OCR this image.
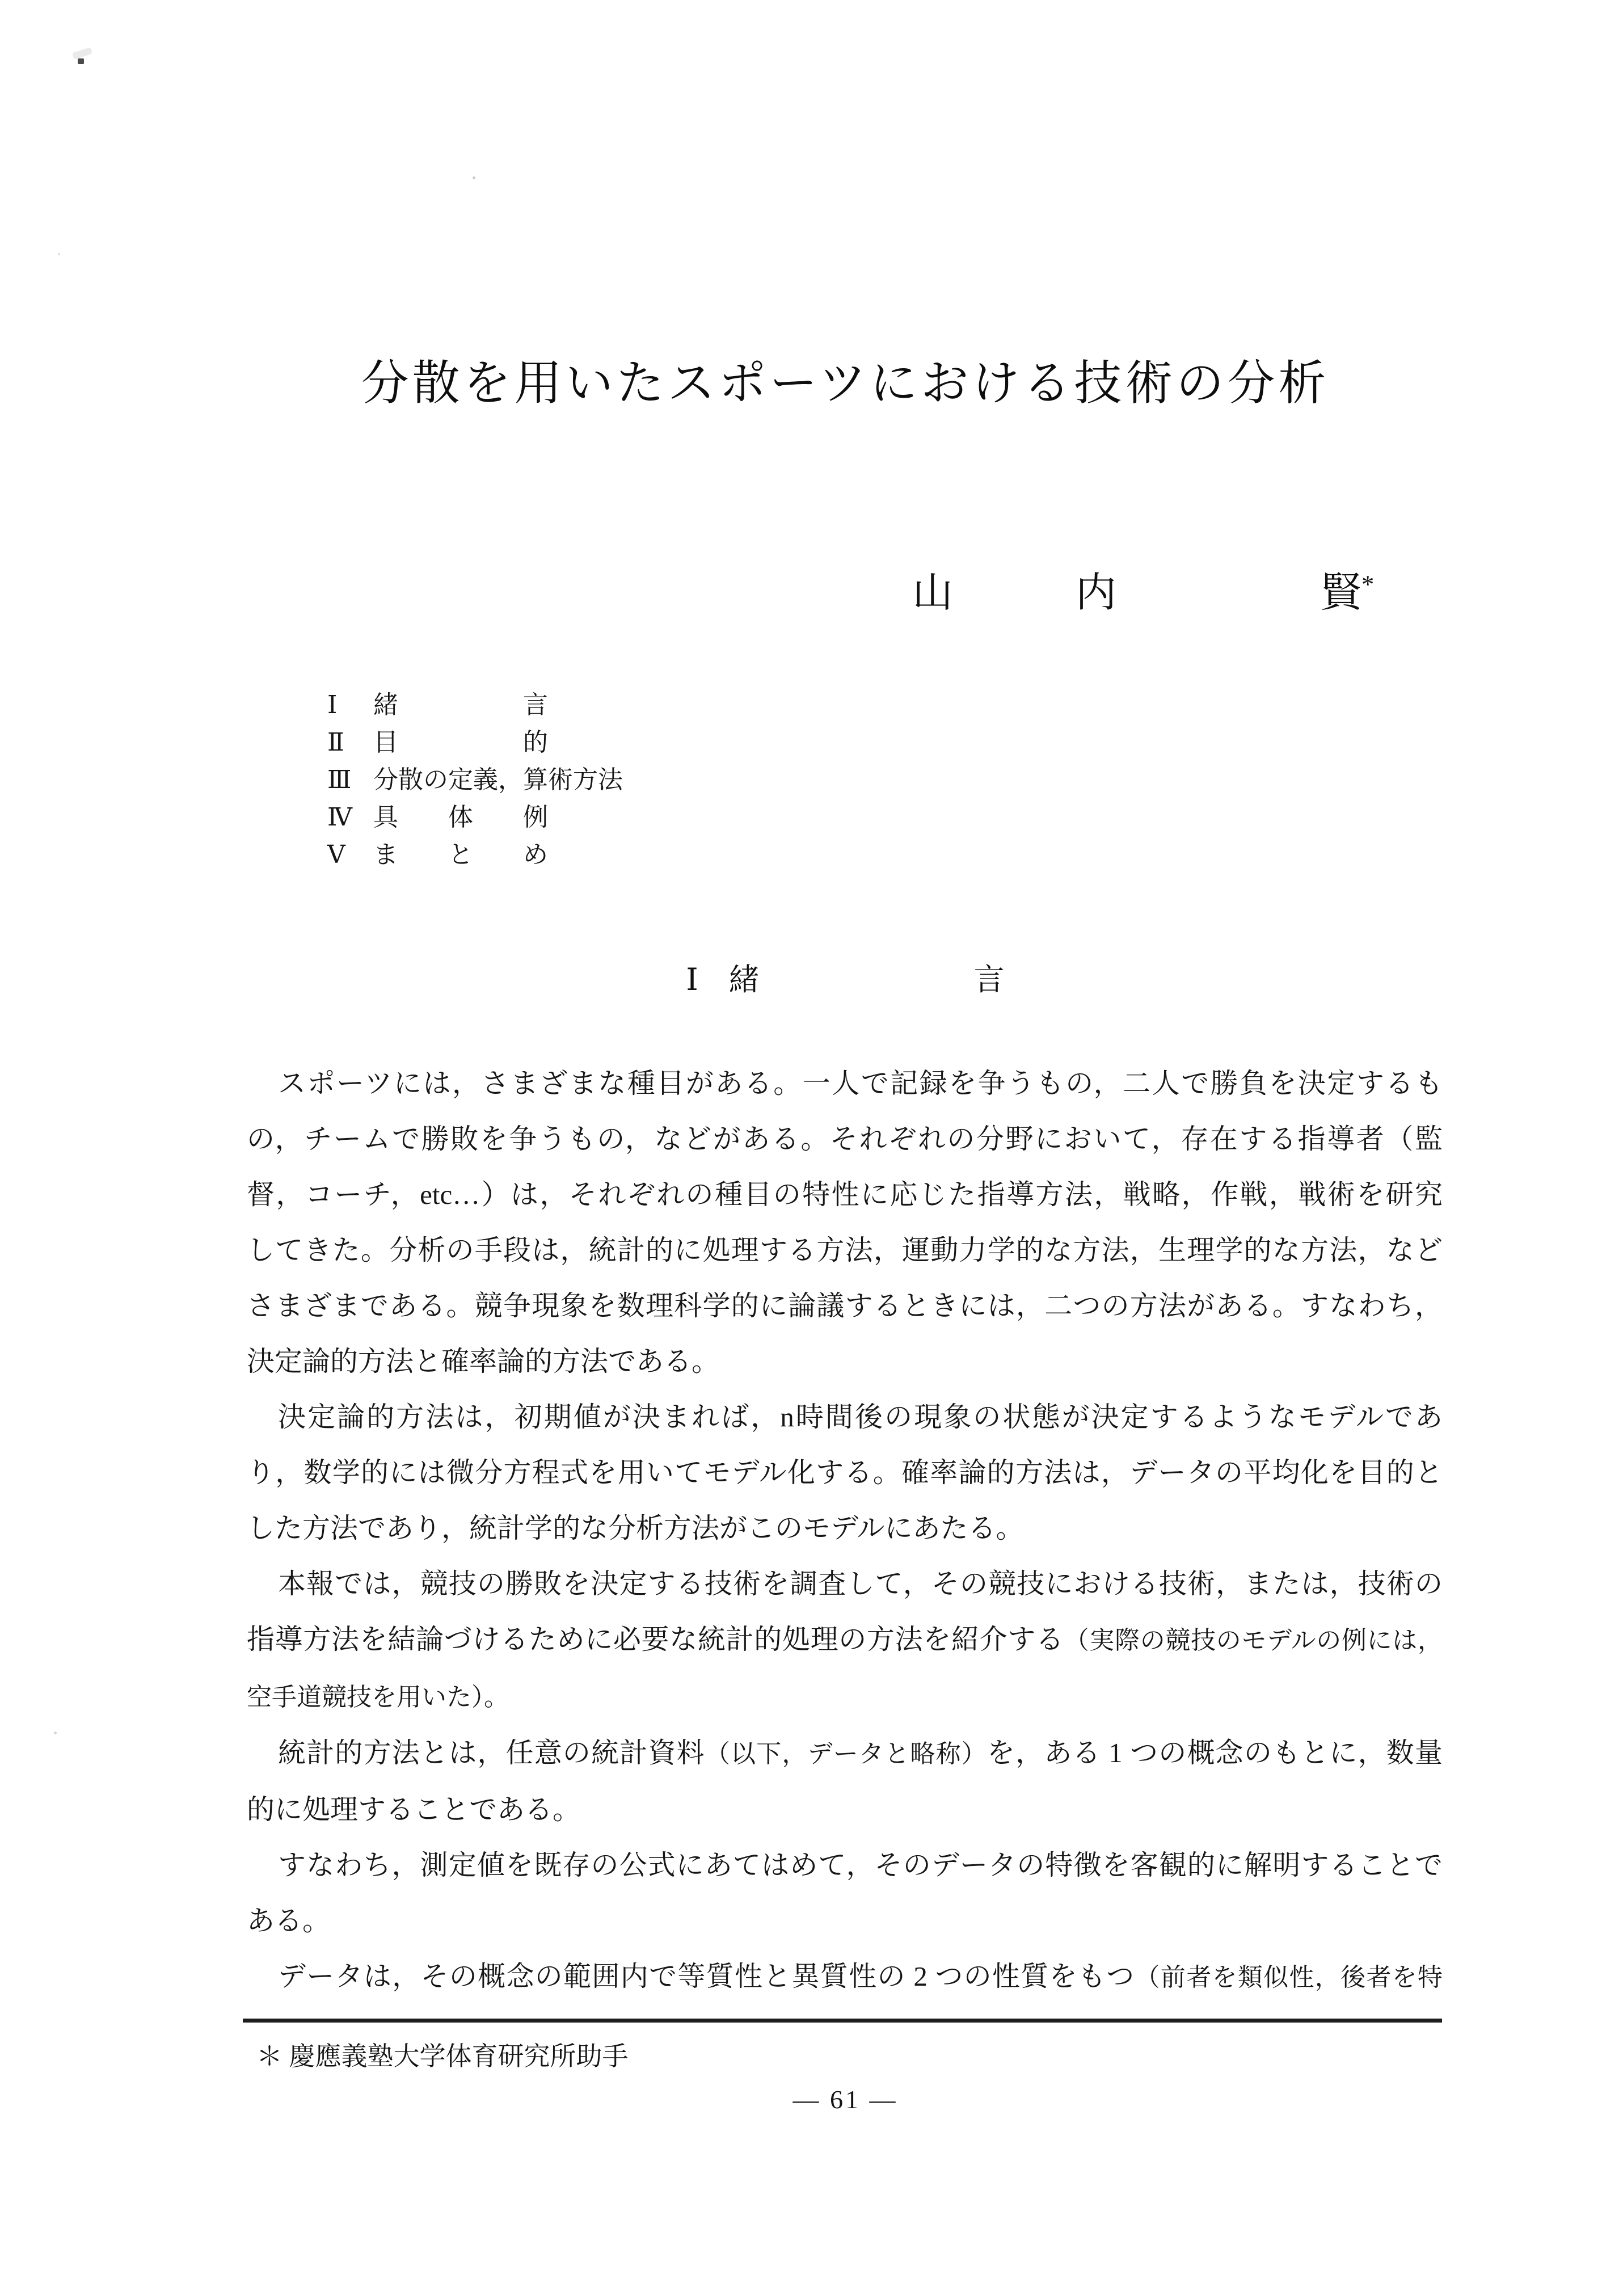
分散を用いたスポーツにおける技術の分析
山　　　内　　　　　賢*
Ⅰ	緒　　　　　言
Ⅱ	目　　　　　的
Ⅲ 分散の定義，算術方法
Ⅳ 具　　体　　例
Ⅴ	ま　　と　　め
Ⅰ　緒　　　　　　　言
スポーツには，さまざまな種目がある。一人で記録を争うもの，二人で勝負を決定するも
の，チームで勝敗を争うもの，などがある。それぞれの分野において，存在する指導者（監
督，コーチ，etc…）は，それぞれの種目の特性に応じた指導方法，戦略，作戦，戦術を研究
してきた。分析の手段は，統計的に処理する方法，運動力学的な方法，生理学的な方法，など
さまざまである。競争現象を数理科学的に論議するときには，二つの方法がある。すなわち，
決定論的方法と確率論的方法である。
決定論的方法は，初期値が決まれば，n時間後の現象の状態が決定するようなモデルであ
り，数学的には微分方程式を用いてモデル化する。確率論的方法は，データの平均化を目的と
した方法であり，統計学的な分析方法がこのモデルにあたる。
本報では，競技の勝敗を決定する技術を調査して，その競技における技術，または，技術の
指導方法を結論づけるために必要な統計的処理の方法を紹介する（実際の競技のモデルの例には，
空手道競技を用いた）。
統計的方法とは，任意の統計資料（以下，データと略称）を，ある 1 つの概念のもとに，数量
的に処理することである。
すなわち，測定値を既存の公式にあてはめて，そのデータの特徴を客観的に解明することで
ある。
データは，その概念の範囲内で等質性と異質性の 2 つの性質をもつ（前者を類似性，後者を特
＊ 慶應義塾大学体育研究所助手
— 61 —
